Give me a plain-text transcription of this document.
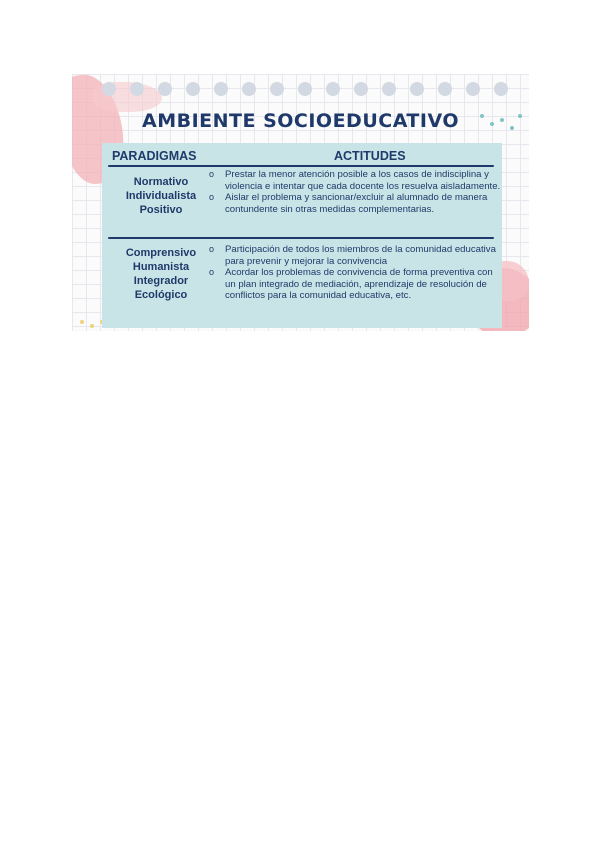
AMBIENTE SOCIOEDUCATIVO
PARADIGMAS	ACTITUDES
Normativo
Individualista
Positivo
o Prestar la menor atención posible a los casos de indisciplina y violencia e intentar que cada docente los resuelva aisladamente.
o Aislar el problema y sancionar/excluir al alumnado de manera contundente sin otras medidas complementarias.
Comprensivo
Humanista
Integrador
Ecológico
o Participación de todos los miembros de la comunidad educativa para prevenir y mejorar la convivencia
o Acordar los problemas de convivencia de forma preventiva con un plan integrado de mediación, aprendizaje de resolución de conflictos para la comunidad educativa, etc.
